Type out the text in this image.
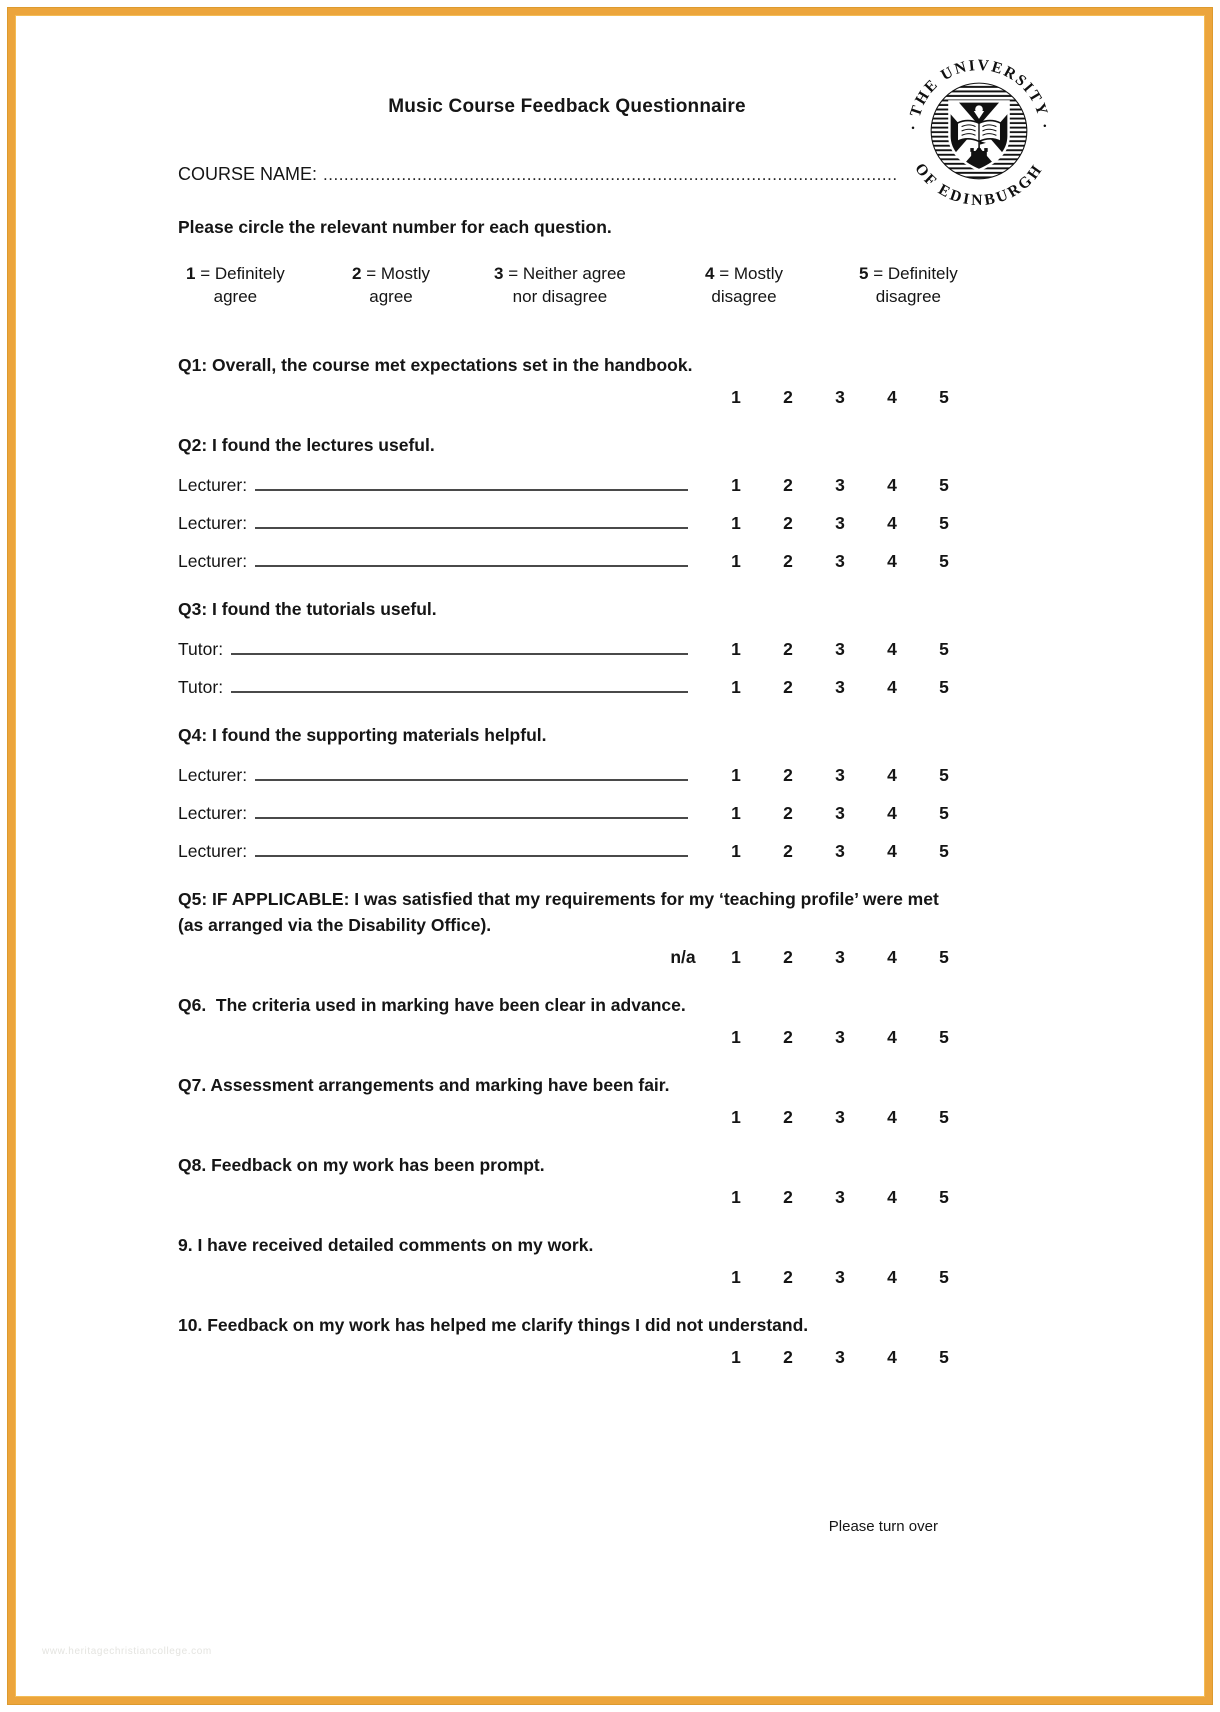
· THE UNIVERSITY ·
OF EDINBURGH
Music Course Feedback Questionnaire
COURSE NAME: ..............................................................................................................
Please circle the relevant number for each question.
1 = Definitely
agree
2 = Mostly
agree
3 = Neither agree
nor disagree
4 = Mostly
disagree
5 = Definitely
disagree
Q1: Overall, the course met expectations set in the handbook.
1	2	3	4	5
Q2: I found the lectures useful.
Lecturer:	1	2	3	4	5
Lecturer:	1	2	3	4	5
Lecturer:	1	2	3	4	5
Q3: I found the tutorials useful.
Tutor:	1	2	3	4	5
Tutor:	1	2	3	4	5
Q4: I found the supporting materials helpful.
Lecturer:	1	2	3	4	5
Lecturer:	1	2	3	4	5
Lecturer:	1	2	3	4	5
Q5: IF APPLICABLE: I was satisfied that my requirements for my ‘teaching profile’ were met (as arranged via the Disability Office).
n/a	1	2	3	4	5
Q6.  The criteria used in marking have been clear in advance.
1	2	3	4	5
Q7. Assessment arrangements and marking have been fair.
1	2	3	4	5
Q8. Feedback on my work has been prompt.
1	2	3	4	5
9. I have received detailed comments on my work.
1	2	3	4	5
10. Feedback on my work has helped me clarify things I did not understand.
1	2	3	4	5
Please turn over
www.heritagechristiancollege.com
